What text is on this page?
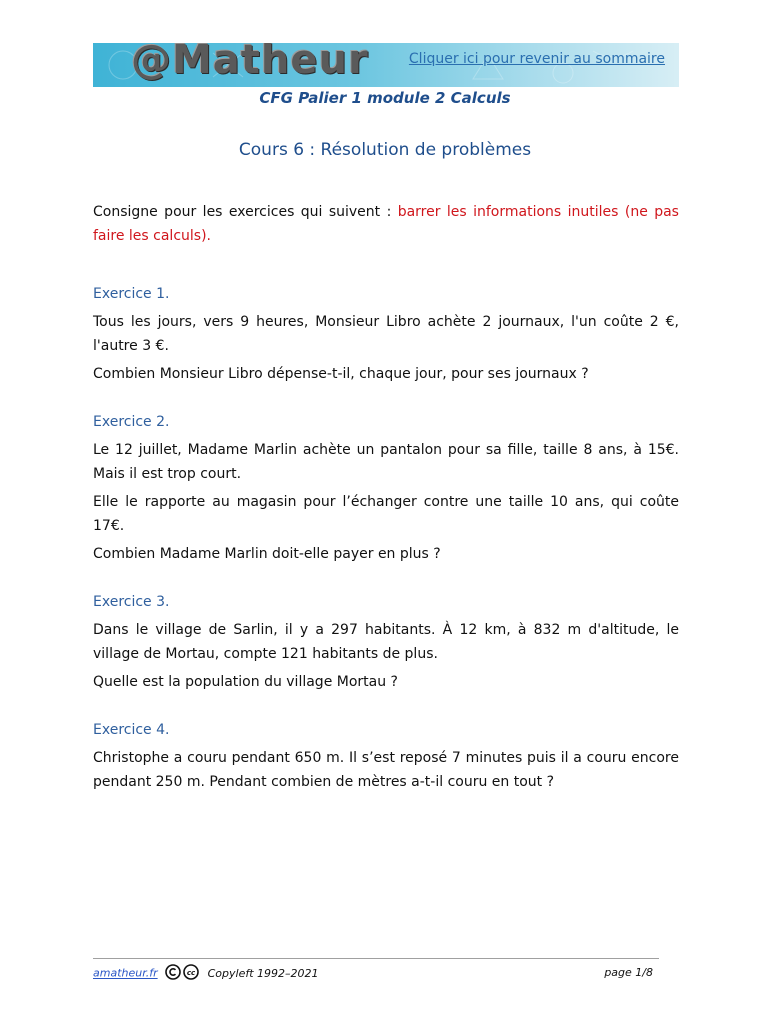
@Matheur	Cliquer ici pour revenir au sommaire
CFG Palier 1 module 2 Calculs
Cours 6 : Résolution de problèmes

Consigne pour les exercices qui suivent : barrer les informations inutiles (ne pas faire les calculs).

Exercice 1.

Tous les jours, vers 9 heures, Monsieur Libro achète 2 journaux, l'un coûte 2 €, l'autre 3 €.

Combien Monsieur Libro dépense-t-il, chaque jour, pour ses journaux ?

Exercice 2.

Le 12 juillet, Madame Marlin achète un pantalon pour sa fille, taille 8 ans, à 15€. Mais il est trop court.

Elle le rapporte au magasin pour l’échanger contre une taille 10 ans, qui coûte 17€.

Combien Madame Marlin doit-elle payer en plus ?

Exercice 3.

Dans le village de Sarlin, il y a 297 habitants. À 12 km, à 832 m d'altitude, le village de Mortau, compte 121 habitants de plus.

Quelle est la population du village Mortau ?

Exercice 4.

Christophe a couru pendant 650 m. Il s’est reposé 7 minutes puis il a couru encore pendant 250 m. Pendant combien de mètres a-t-il couru en tout ?

amatheur.fr	cc Copyleft 1992–2021	page 1/8
